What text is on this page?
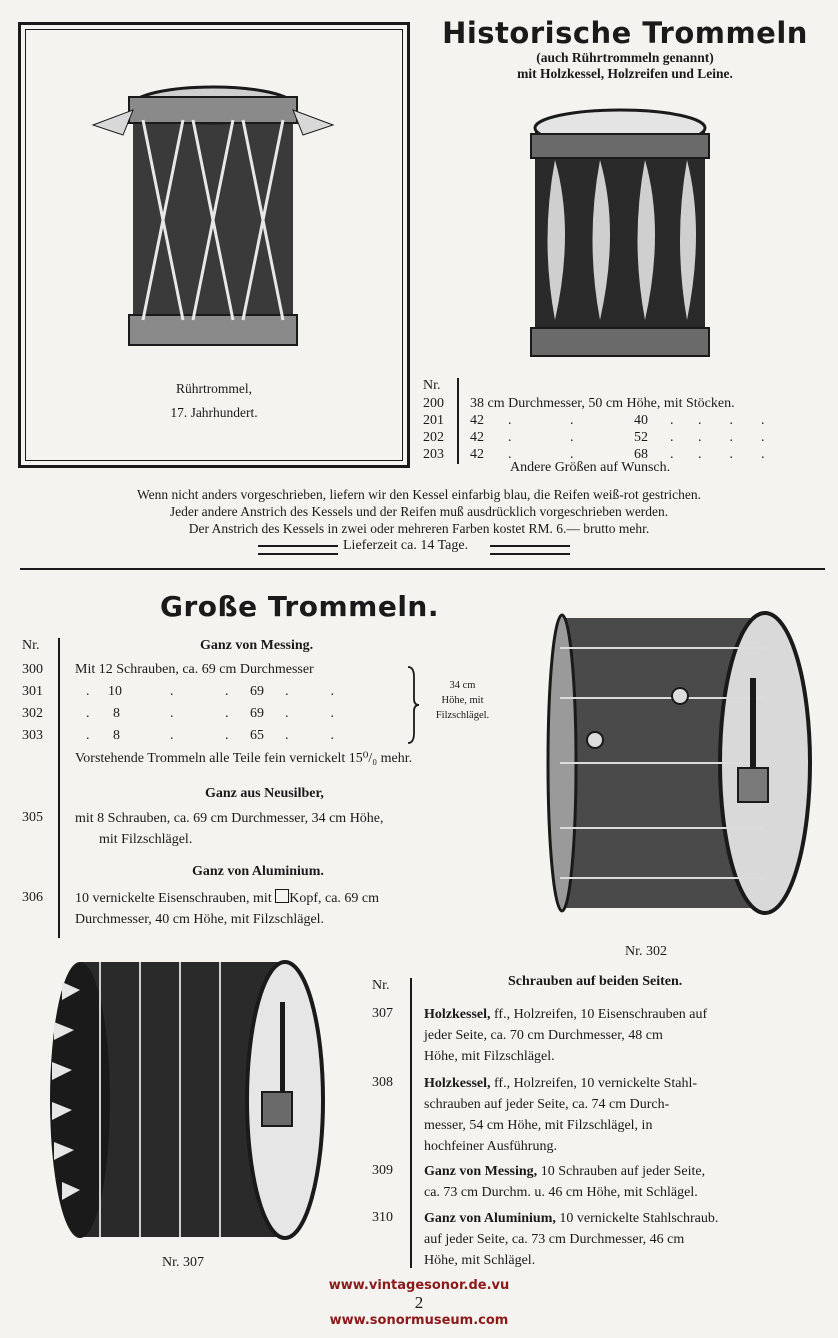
Rührtrommel,
17. Jahrhundert.
Historische Trommeln
(auch Rührtrommeln genannt)
mit Holzkessel, Holzreifen und Leine.
Nr.
200 38 cm Durchmesser, 50 cm Höhe, mit Stöcken.
201 42 .	.	40 .       .        .        .
202 42 .	.	52 .       .        .        .
203 42 .	.	68 .       .        .        .
Andere Größen auf Wunsch.
Wenn nicht anders vorgeschrieben, liefern wir den Kessel einfarbig blau, die Reifen weiß-rot gestrichen.
Jeder andere Anstrich des Kessels und der Reifen muß ausdrücklich vorgeschrieben werden.
Der Anstrich des Kessels in zwei oder mehreren Farben kostet RM. 6.— brutto mehr.
Lieferzeit ca. 14 Tage.
Große Trommeln.
Nr.	Ganz von Messing.
300 Mit 12 Schrauben, ca. 69 cm Durchmesser
301	. 10	.	. 69 .            .
302	. 8	.	. 69 .            .
303	. 8	.	. 65 .            .
34 cm
Höhe, mit
Filzschlägel.
Vorstehende Trommeln alle Teile fein vernickelt 15⁰/₀ mehr.
Ganz aus Neusilber,
305 mit 8 Schrauben, ca. 69 cm Durchmesser, 34 cm Höhe,
mit Filzschlägel.
Ganz von Aluminium.
306 10 vernickelte Eisenschrauben, mit Kopf, ca. 69 cm
Durchmesser, 40 cm Höhe, mit Filzschlägel.
Nr. 302
Nr. 307
Nr.	Schrauben auf beiden Seiten.
307 Holzkessel, ff., Holzreifen, 10 Eisenschrauben auf
jeder Seite, ca. 70 cm Durchmesser, 48 cm
Höhe, mit Filzschlägel.
308 Holzkessel, ff., Holzreifen, 10 vernickelte Stahl-
schrauben auf jeder Seite, ca. 74 cm Durch-
messer, 54 cm Höhe, mit Filzschlägel, in
hochfeiner Ausführung.
309 Ganz von Messing, 10 Schrauben auf jeder Seite,
ca. 73 cm Durchm. u. 46 cm Höhe, mit Schlägel.
310 Ganz von Aluminium, 10 vernickelte Stahlschraub.
auf jeder Seite, ca. 73 cm Durchmesser, 46 cm
Höhe, mit Schlägel.
www.vintagesonor.de.vu
2
www.sonormuseum.com
